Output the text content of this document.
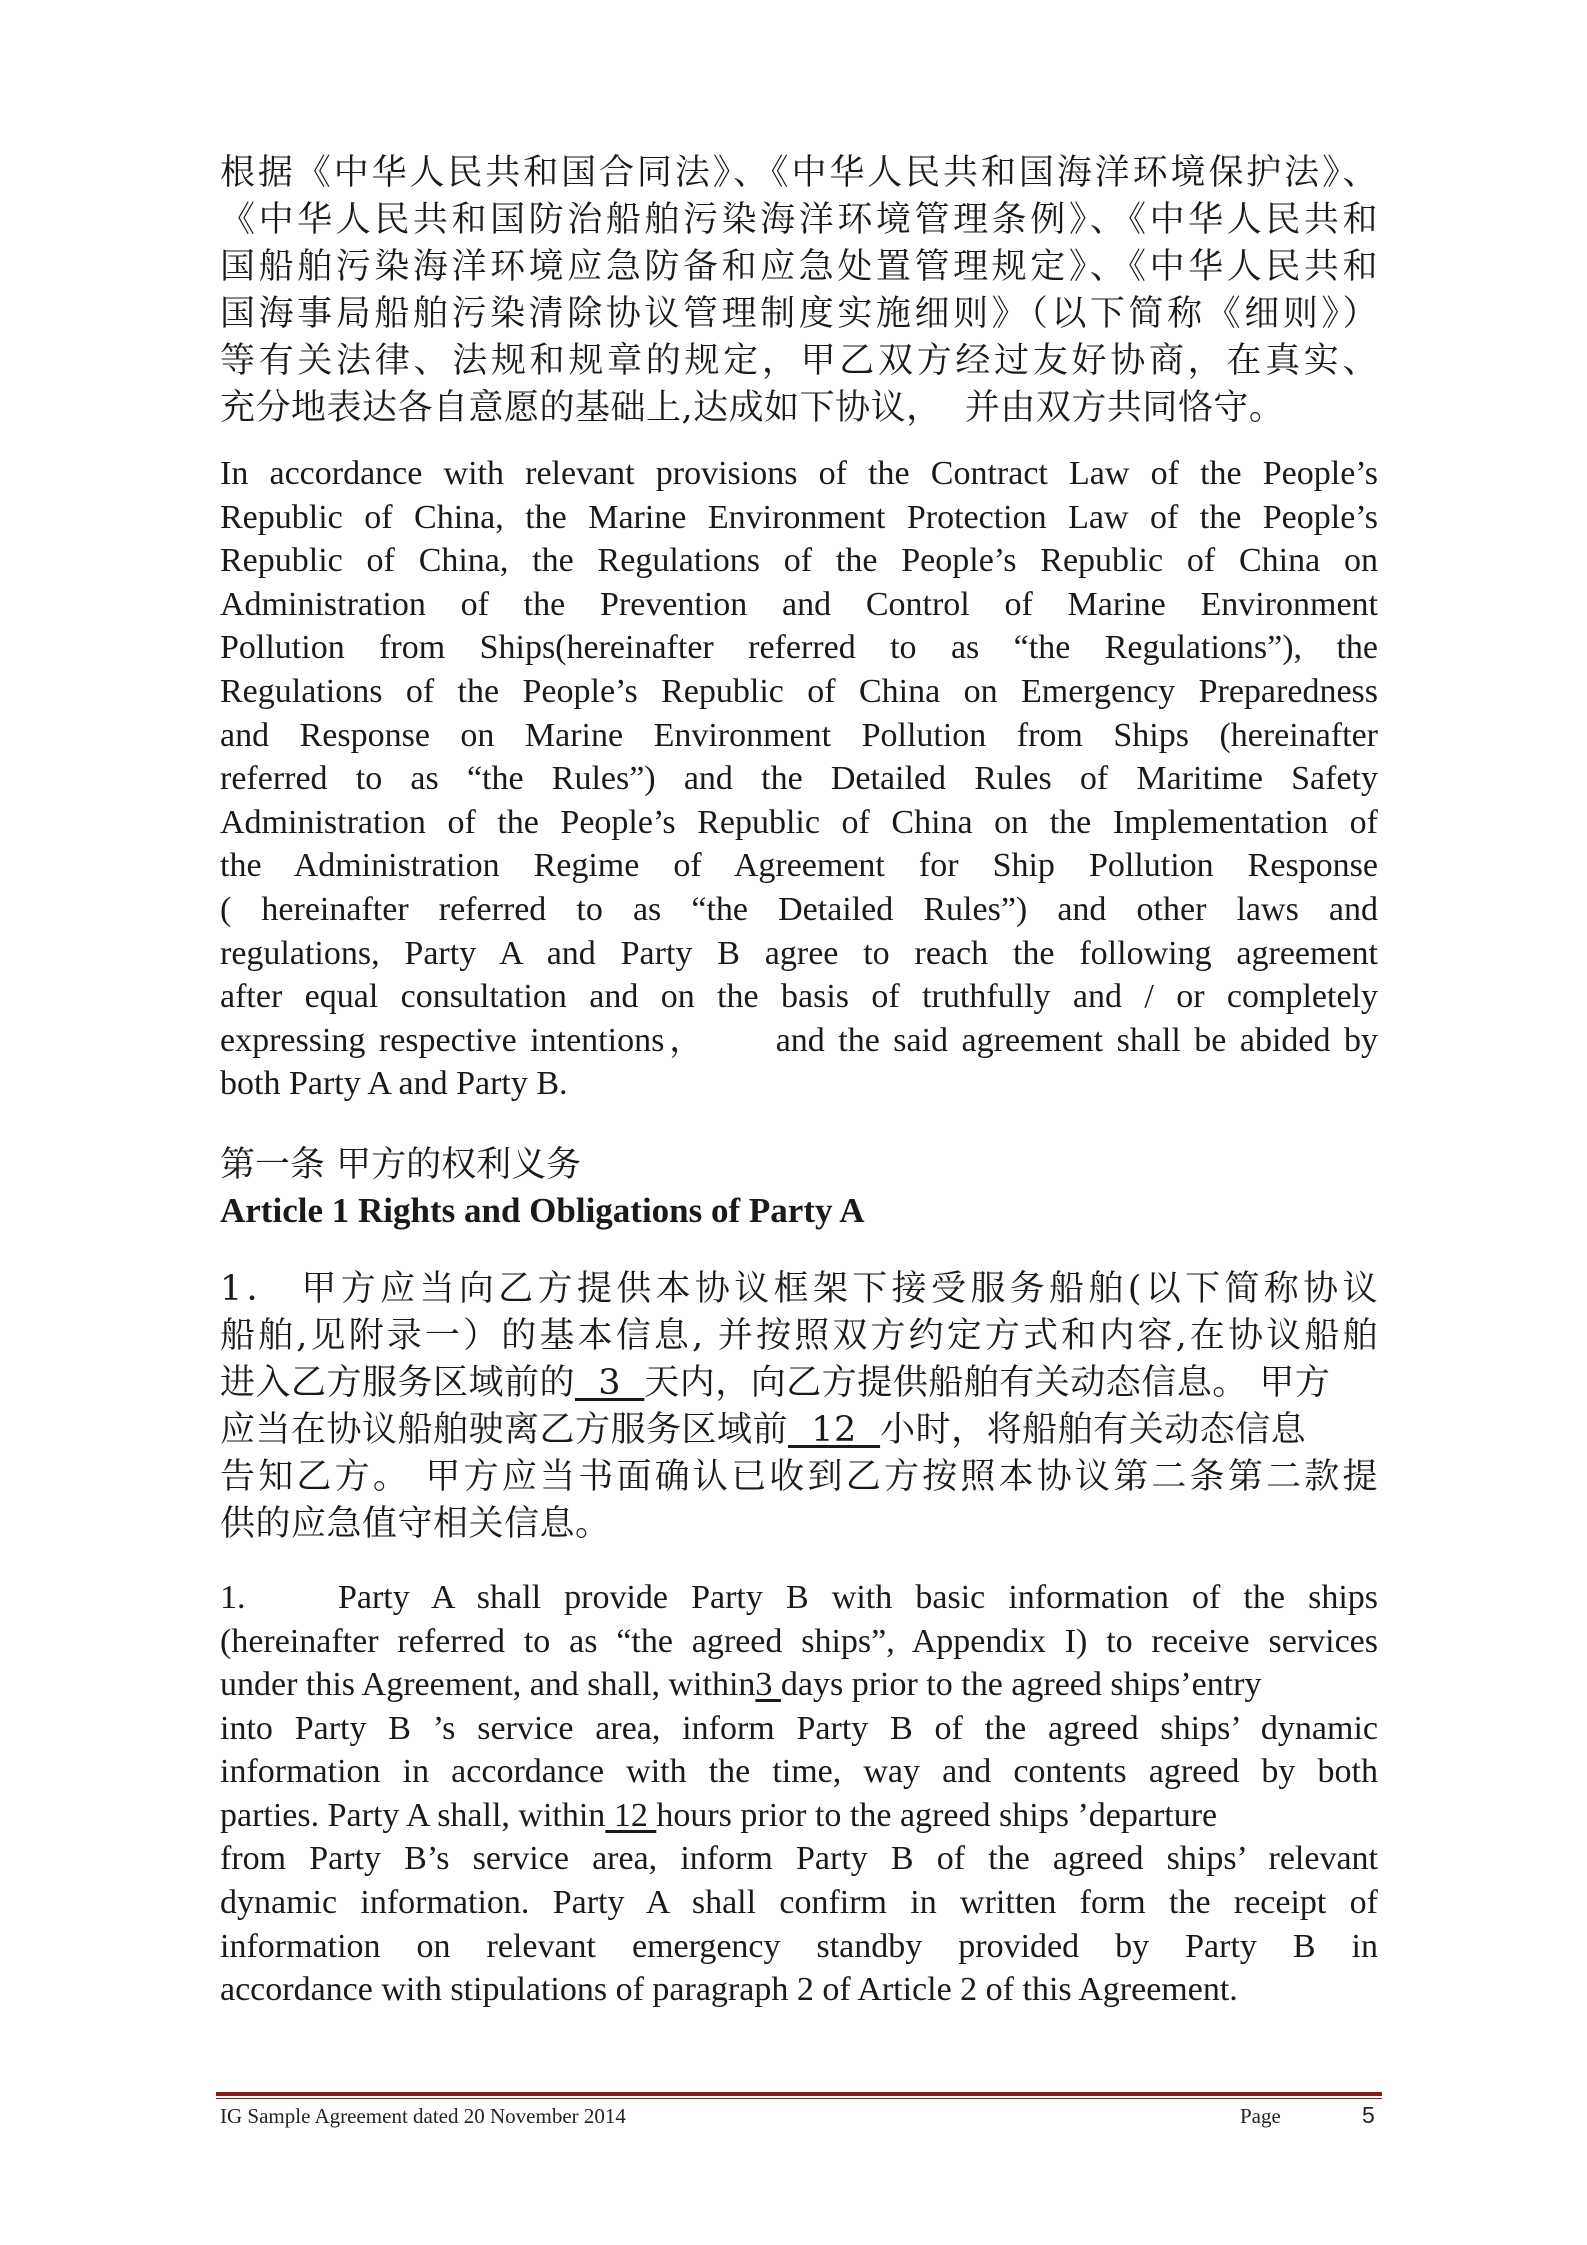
根据《中华人民共和国合同法》、《中华人民共和国海洋环境保护法》、
《中华人民共和国防治船舶污染海洋环境管理条例》、《中华人民共和
国船舶污染海洋环境应急防备和应急处置管理规定》、《中华人民共和
国海事局船舶污染清除协议管理制度实施细则》（以下简称《细则》）
等有关法律、法规和规章的规定，甲乙双方经过友好协商，在真实、
充分地表达各自意愿的基础上,达成如下协议，  并由双方共同恪守。
In accordance with relevant provisions of the Contract Law of the People’s
Republic of China, the Marine Environment Protection Law of the People’s
Republic of China, the Regulations of the People’s Republic of China on
Administration of the Prevention and Control of Marine Environment
Pollution from Ships(hereinafter referred to as “the Regulations”), the
Regulations of the People’s Republic of China on Emergency Preparedness
and Response on Marine Environment Pollution from Ships (hereinafter
referred to as “the Rules”) and the Detailed Rules of Maritime Safety
Administration of the People’s Republic of China on the Implementation of
the Administration Regime of Agreement for Ship Pollution Response
( hereinafter referred to as “the Detailed Rules”) and other laws and
regulations, Party A and Party B agree to reach the following agreement
after equal consultation and on the basis of truthfully and / or completely
expressing respective intentions，     and the said agreement shall be abided by
both Party A and Party B.
第一条 甲方的权利义务
Article 1 Rights and Obligations of Party A
1． 甲方应当向乙方提供本协议框架下接受服务船舶(以下简称协议
船舶,见附录一）的基本信息, 并按照双方约定方式和内容,在协议船舶
进入乙方服务区域前的  3  天内，向乙方提供船舶有关动态信息。 甲方
应当在协议船舶驶离乙方服务区域前  12  小时，将船舶有关动态信息
告知乙方。 甲方应当书面确认已收到乙方按照本协议第二条第二款提
供的应急值守相关信息。
1.    Party A shall provide Party B with basic information of the ships
(hereinafter referred to as “the agreed ships”, Appendix I) to receive services
under this Agreement, and shall, within3 days prior to the agreed ships’entry
into Party B ’s service area, inform Party B of the agreed ships’ dynamic
information in accordance with the time, way and contents agreed by both
parties. Party A shall, within 12 hours prior to the agreed ships ’departure
from Party B’s service area, inform Party B of the agreed ships’ relevant
dynamic information. Party A shall confirm in written form the receipt of
information on relevant emergency standby provided by Party B in
accordance with stipulations of paragraph 2 of Article 2 of this Agreement.
IG Sample Agreement dated 20 November 2014	Page	5
